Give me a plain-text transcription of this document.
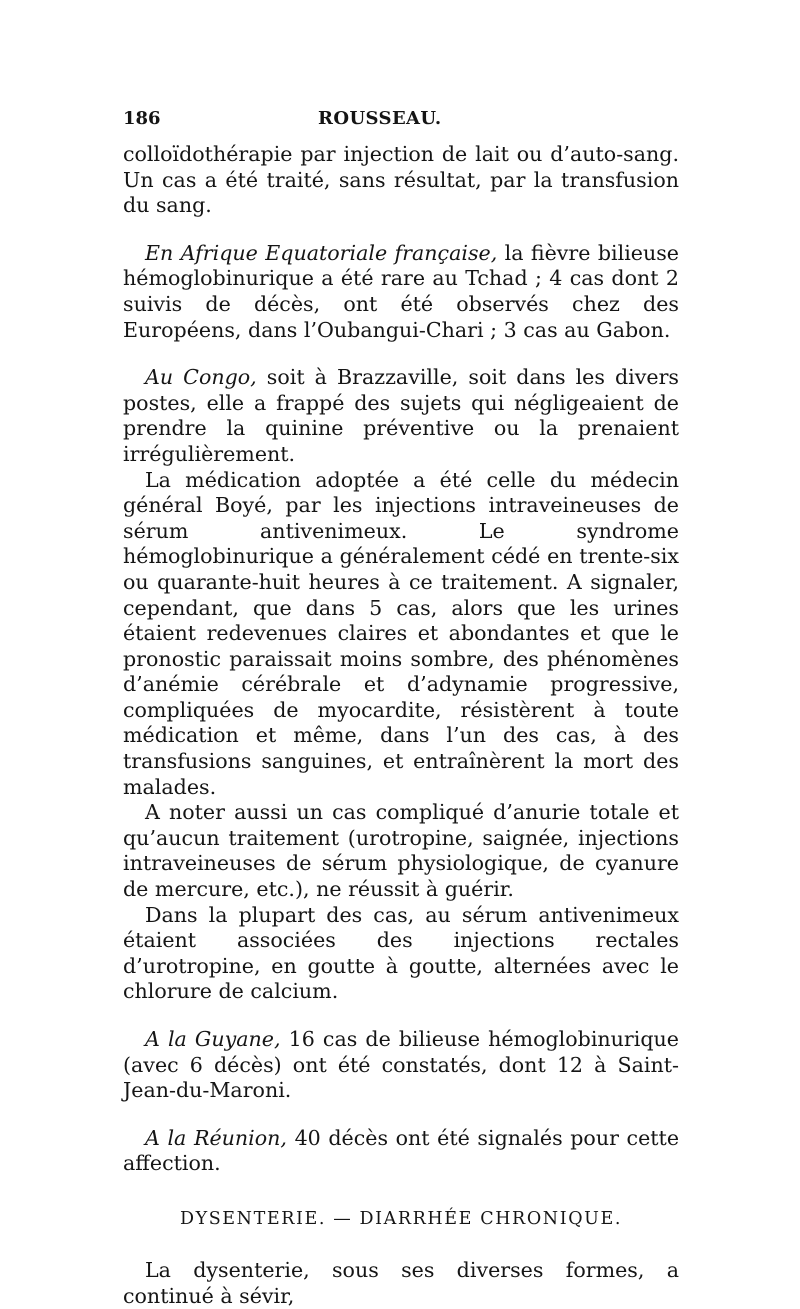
186	ROUSSEAU.

colloïdothérapie par injection de lait ou d’auto-sang. Un cas a été traité, sans résultat, par la transfusion du sang.

En Afrique Equatoriale française, la fièvre bilieuse hémoglobinurique a été rare au Tchad ; 4 cas dont 2 suivis de décès, ont été observés chez des Européens, dans l’Oubangui-Chari ; 3 cas au Gabon.

Au Congo, soit à Brazzaville, soit dans les divers postes, elle a frappé des sujets qui négligeaient de prendre la quinine préventive ou la prenaient irrégulièrement.

La médication adoptée a été celle du médecin général Boyé, par les injections intraveineuses de sérum antivenimeux. Le syndrome hémoglobinurique a généralement cédé en trente-six ou quarante-huit heures à ce traitement. A signaler, cependant, que dans 5 cas, alors que les urines étaient redevenues claires et abondantes et que le pronostic paraissait moins sombre, des phénomènes d’anémie cérébrale et d’adynamie progressive, compliquées de myocardite, résistèrent à toute médication et même, dans l’un des cas, à des transfusions sanguines, et entraînèrent la mort des malades.

A noter aussi un cas compliqué d’anurie totale et qu’aucun traitement (urotropine, saignée, injections intraveineuses de sérum physiologique, de cyanure de mercure, etc.), ne réussit à guérir.

Dans la plupart des cas, au sérum antivenimeux étaient associées des injections rectales d’urotropine, en goutte à goutte, alternées avec le chlorure de calcium.

A la Guyane, 16 cas de bilieuse hémoglobinurique (avec 6 décès) ont été constatés, dont 12 à Saint-Jean-du-Maroni.

A la Réunion, 40 décès ont été signalés pour cette affection.

DYSENTERIE. — DIARRHÉE CHRONIQUE.

La dysenterie, sous ses diverses formes, a continué à sévir,
